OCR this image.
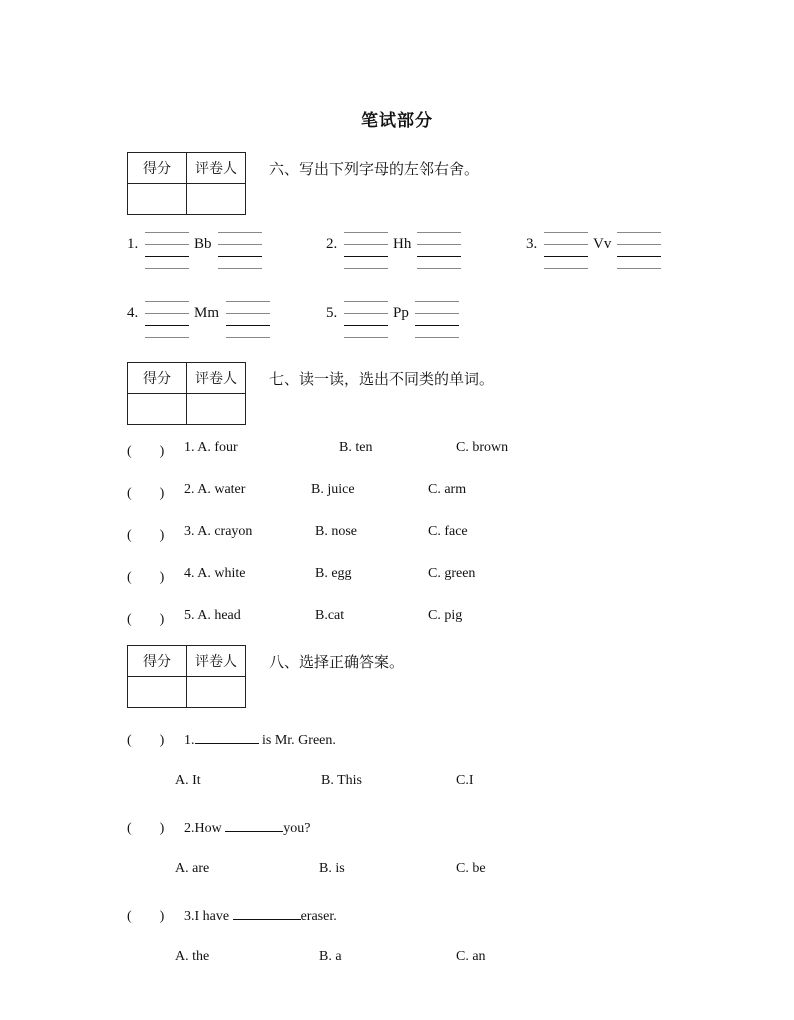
笔试部分
得分	评卷人
	六、写出下列字母的左邻右舍。
1.	Bb	2.	Hh	3.	Vv
4.	Mm	5.	Pp
得分	评卷人
	七、读一读，选出不同类的单词。
(　　) 1. A. four	B. ten	C. brown
(　　) 2. A. water	B. juice	C. arm
(　　) 3. A. crayon	B. nose	C. face
(　　) 4. A. white	B. egg	C. green
(　　) 5. A. head	B.cat	C. pig
得分	评卷人
	八、选择正确答案。
(　　) 1.	is Mr. Green.
A. It	B. This	C.I
(　　) 2.How	you?
A. are	B. is	C. be
(　　) 3.I have	eraser.
A. the	B. a	C. an
